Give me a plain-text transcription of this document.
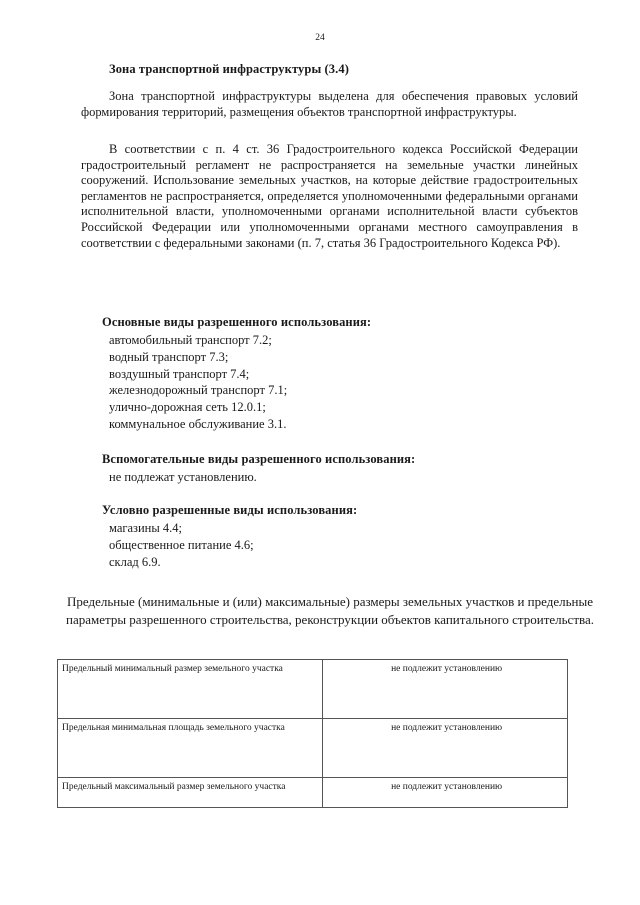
24
Зона транспортной инфраструктуры (3.4)
Зона транспортной инфраструктуры выделена для обеспечения правовых условий формирования территорий, размещения объектов транспортной инфраструктуры.
В соответствии с п. 4 ст. 36 Градостроительного кодекса Российской Федерации градостроительный регламент не распространяется на земельные участки линейных сооружений. Использование земельных участков, на которые действие градостроительных регламентов не распространяется, определяется уполномоченными федеральными органами исполнительной власти, уполномоченными органами исполнительной власти субъектов Российской Федерации или уполномоченными органами местного самоуправления в соответствии с федеральными законами (п. 7, статья 36 Градостроительного Кодекса РФ).
Основные виды разрешенного использования:
автомобильный транспорт 7.2;
водный транспорт 7.3;
воздушный транспорт 7.4;
железнодорожный транспорт 7.1;
улично-дорожная сеть 12.0.1;
коммунальное обслуживание 3.1.
Вспомогательные виды разрешенного использования:
не подлежат установлению.
Условно разрешенные виды использования:
магазины 4.4;
общественное питание 4.6;
склад 6.9.
Предельные (минимальные и (или) максимальные) размеры земельных участков и предельные параметры разрешенного строительства, реконструкции объектов капитального строительства.
Предельный минимальный размер земельного участка	не подлежит установлению
Предельная минимальная площадь земельного участка	не подлежит установлению
Предельный максимальный размер земельного участка	не подлежит установлению
